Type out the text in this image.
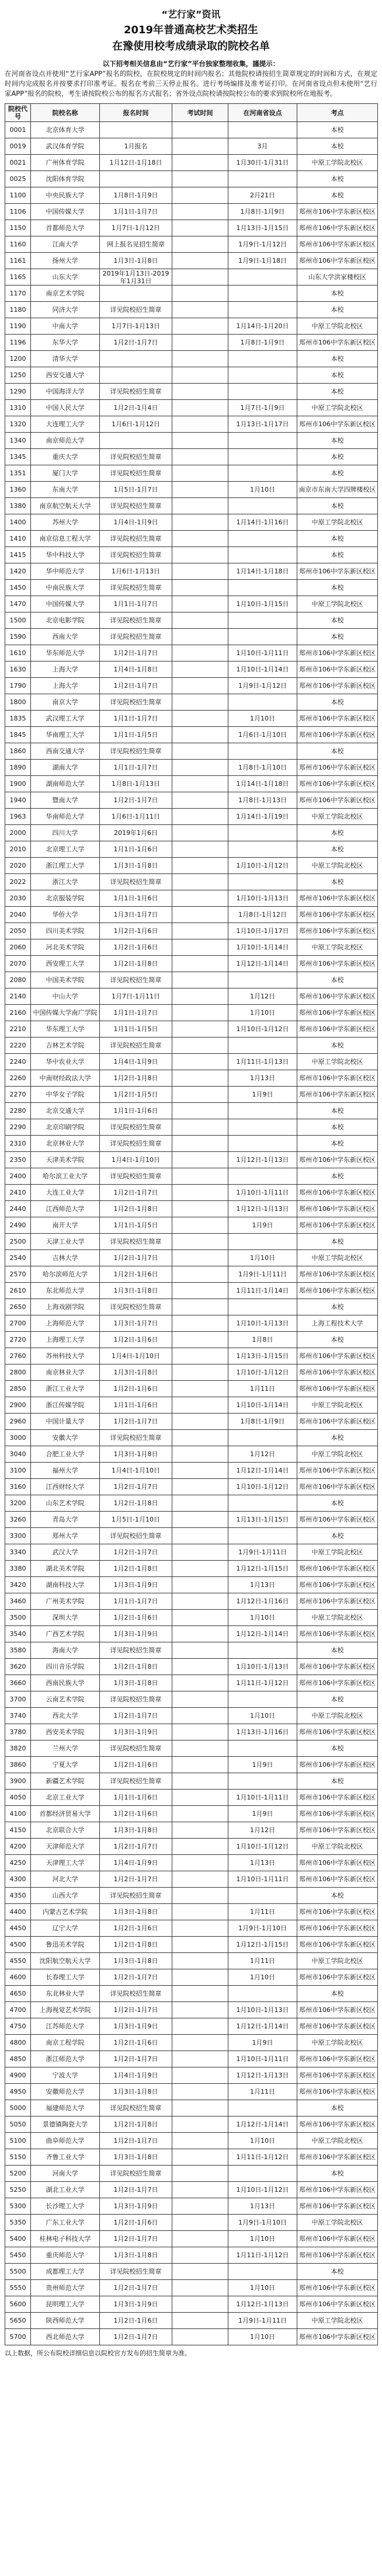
“艺行家”资讯
2019年普通高校艺术类招生
在豫使用校考成绩录取的院校名单
以下招考相关信息由“艺行家”平台独家整理收集，謹提示：
在河南省设点并使用“艺行家APP”报名的院校，在院校规定的时间内报名；其他院校请按招生简章规定的时间和方式，在规定时间内完成报名并按要求打印准考证。报名在考前三天停止报名。进行考场编排及准考证打印。在河南省设点但未使用“艺行家APP”报名的院校，考生请按院校公布的报名方式报名；省外设点院校请按院校公布的要求到院校所在地报考。
院校代号	院校名称	报名时间	考试时间	在河南省设点	考点
0001	北京体育大学				本校
0019	武汉体育学院	1月报名		3月	本校
0021	广州体育学院	1月12日-1月18日		1月30日-1月31日	中原工学院北校区
0025	沈阳体育学院				本校
1100	中央民族大学	1月8日-1月9日		2月21日	本校
1106	中国传媒大学	1月1日-1月7日		1月8日-1月9日	郑州市106中学东新区校区
1150	首都师范大学	1月7日-1月12日		1月13日-1月15日	郑州市106中学东新区校区
1160	江南大学	网上报名见招生简章		1月9日-1月12日	郑州市106中学东新区校区
1161	扬州大学	1月3日-1月8日		1月9日-1月18日	郑州市106中学东新区校区
1165	山东大学	2019年1月13日-2019年1月31日			山东大学洪家楼校区
1170	南京艺术学院				本校
1180	同济大学	详见院校招生简章			本校
1190	中南大学	1月7日-1月13日		1月14日-1月20日	中原工学院北校区
1196	东华大学	1月2日-1月7日		1月8日-1月9日	郑州市106中学东新区校区
1200	清华大学				本校
1250	西安交通大学				本校
1290	中国海洋大学	详见院校招生简章			本校
1310	中国人民大学	1月2日-1月4日		1月7日-1月9日	中原工学院北校区
1320	大连理工大学	1月6日-1月12日		1月13日-1月17日	郑州市106中学东新区校区
1340	南京师范大学				本校
1345	重庆大学	详见院校招生简章			本校
1351	厦门大学	详见院校招生简章			本校
1360	东南大学	1月5日-1月7日		1月10日	南京市东南大学四牌楼校区
1380	南京航空航天大学	详见院校招生简章			本校
1400	苏州大学	1月4日-1月9日		1月14日-1月16日	中原工学院北校区
1410	南京信息工程大学	详见院校招生简章			本校
1415	华中科技大学	详见院校招生简章			本校
1420	华中师范大学	1月6日-1月13日		1月14日-1月18日	郑州市106中学东新区校区
1450	中南民族大学	详见院校招生简章			本校
1470	中国传媒大学	1月1日-1月7日		1月10日-1月15日	中原工学院北校区
1500	北京电影学院	详见院校招生简章			本校
1590	西南大学	详见院校招生简章			本校
1610	华东师范大学	1月2日-1月7日		1月10日-1月11日	郑州市106中学东新区校区
1630	上海大学	1月4日-1月8日		1月10日-1月14日	郑州市106中学东新区校区
1790	上海大学	1月2日-1月7日		1月9日-1月12日	郑州市106中学东新区校区
1800	南京大学	详见院校招生简章			本校
1835	武汉理工大学	1月1日-1月7日		1月10日	郑州市106中学东新区校区
1845	华南理工大学	1月1日-1月5日		1月6日-1月10日	郑州市106中学东新区校区
1860	西南交通大学	详见院校招生简章			本校
1890	湖南大学	1月1日-1月7日		1月8日-1月10日	郑州市106中学东新区校区
1900	湖南师范大学	1月8日-1月13日		1月14日-1月18日	郑州市106中学东新区校区
1940	暨南大学	1月2日-1月7日		1月8日-1月13日	郑州市106中学东新区校区
1963	华南师范大学	1月6日-1月11日		1月14日-1月19日	中原工学院北校区
2000	四川大学	2019年1月6日			本校
2010	北京理工大学	1月1日-1月6日			本校
2020	浙江理工大学	1月3日-1月8日		1月10日-1月12日	中原工学院北校区
2022	浙江大学	详见院校招生简章			本校
2030	北京服装学院	1月1日-1月6日		1月10日-1月13日	郑州市106中学东新区校区
2040	华侨大学	1月3日-1月7日		1月8日-1月12日	郑州市106中学东新区校区
2050	四川美术学院	1月2日-1月6日		1月10日-1月17日	郑州市106中学东新区校区
2060	河北美术学院	1月2日-1月6日		1月10日-1月14日	中原工学院北校区
2070	西安理工大学	1月2日-1月8日		1月12日-1月14日	郑州市106中学东新区校区
2080	中国美术学院	详见院校招生简章			本校
2140	中山大学	1月7日-1月11日		1月12日	郑州市106中学东新区校区
2160	中国传媒大学南广学院	1月1日-1月7日		1月10日	郑州市106中学东新区校区
2210	华东理工大学	1月1日-1月5日		1月10日-1月12日	郑州市106中学东新区校区
2220	吉林艺术学院	详见院校招生简章			本校
2240	华中农业大学	1月4日-1月9日		1月11日-1月13日	中原工学院北校区
2260	中南财经政法大学	1月2日-1月8日		1月13日	郑州市106中学东新区校区
2270	中华女子学院	1月2日-1月5日		1月9日	郑州市106中学东新区校区
2280	北京交通大学	1月1日-1月6日			本校
2290	北京印刷学院	详见院校招生简章			本校
2310	北京林业大学	详见院校招生简章			本校
2350	天津美术学院	1月4日-1月10日		1月12日-1月13日	郑州市106中学东新区校区
2400	哈尔滨工业大学	详见院校招生简章			本校
2410	大连工业大学	1月2日-1月7日		1月10日-1月11日	郑州市106中学东新区校区
2440	江西师范大学	1月2日-1月8日		1月12日-1月13日	郑州市106中学东新区校区
2490	南开大学	1月1日-1月5日		1月9日	郑州市106中学东新区校区
2500	天津工业大学	详见院校招生简章			本校
2540	吉林大学	1月2日-1月7日		1月10日	中原工学院北校区
2570	哈尔滨师范大学	1月2日-1月6日		1月9日-1月11日	郑州市106中学东新区校区
2610	东北师范大学	1月3日-1月8日		1月11日-1月14日	郑州市106中学东新区校区
2650	上海戏剧学院	详见院校招生简章			本校
2700	上海师范大学	1月3日-1月7日		1月10日-1月13日	上海工程技术大学
2720	上海理工大学	1月2日-1月6日		1月8日	本校
2760	苏州科技大学	1月4日-1月10日		1月13日-1月15日	郑州市106中学东新区校区
2800	南京林业大学	1月3日-1月8日		1月10日-1月12日	郑州市106中学东新区校区
2850	浙江工业大学	1月2日-1月6日		1月11日	郑州市106中学东新区校区
2900	浙江传媒学院	1月1日-1月6日		1月10日-1月14日	中原工学院北校区
2960	中国计量大学	1月2日-1月7日		1月8日-1月9日	郑州市106中学东新区校区
3000	安徽大学	详见院校招生简章			本校
3040	合肥工业大学	1月3日-1月8日		1月12日	中原工学院北校区
3100	福州大学	1月4日-1月10日		1月12日-1月14日	郑州市106中学东新区校区
3160	江西财经大学	1月2日-1月7日		1月10日-1月12日	郑州市106中学东新区校区
3200	山东艺术学院	1月2日-1月8日			本校
3260	青岛大学	1月5日-1月10日		1月13日-1月15日	郑州市106中学东新区校区
3300	郑州大学	详见院校招生简章			本校
3340	武汉大学	1月2日-1月7日		1月9日-1月11日	中原工学院北校区
3380	湖北美术学院	1月2日-1月8日		1月12日-1月15日	郑州市106中学东新区校区
3420	湖南科技大学	1月3日-1月9日		1月13日	郑州市106中学东新区校区
3460	广州美术学院	1月1日-1月7日		1月12日-1月16日	郑州市106中学东新区校区
3500	深圳大学	1月2日-1月6日		1月10日	中原工学院北校区
3540	广西艺术学院	1月3日-1月9日		1月12日-1月14日	郑州市106中学东新区校区
3580	海南大学	详见院校招生简章			本校
3620	四川音乐学院	1月2日-1月8日		1月10日-1月13日	郑州市106中学东新区校区
3660	西南民族大学	1月3日-1月8日		1月11日-1月12日	郑州市106中学东新区校区
3700	云南艺术学院	详见院校招生简章			本校
3740	西北大学	1月2日-1月7日		1月10日	中原工学院北校区
3780	西安美术学院	1月3日-1月9日		1月13日-1月16日	郑州市106中学东新区校区
3820	兰州大学	详见院校招生简章			本校
3860	宁夏大学	1月2日-1月6日		1月9日	郑州市106中学东新区校区
3900	新疆艺术学院	详见院校招生简章			本校
4050	北京工业大学	1月1日-1月6日		1月10日-1月11日	郑州市106中学东新区校区
4100	首都经济贸易大学	1月2日-1月6日		1月9日	郑州市106中学东新区校区
4150	北京联合大学	1月3日-1月8日		1月12日	郑州市106中学东新区校区
4200	天津师范大学	1月2日-1月7日		1月10日-1月12日	中原工学院北校区
4250	天津理工大学	1月4日-1月9日		1月13日	郑州市106中学东新区校区
4300	河北大学	1月2日-1月7日		1月10日-1月11日	郑州市106中学东新区校区
4350	山西大学	详见院校招生简章			本校
4400	内蒙古艺术学院	1月3日-1月8日		1月11日	郑州市106中学东新区校区
4450	辽宁大学	1月2日-1月6日		1月9日-1月10日	郑州市106中学东新区校区
4500	鲁迅美术学院	1月2日-1月8日		1月12日-1月15日	郑州市106中学东新区校区
4550	沈阳航空航天大学	1月3日-1月8日		1月11日	中原工学院北校区
4600	长春理工大学	1月2日-1月7日		1月10日	郑州市106中学东新区校区
4650	东北林业大学	详见院校招生简章			本校
4700	上海视觉艺术学院	1月2日-1月7日		1月10日-1月13日	郑州市106中学东新区校区
4750	江苏师范大学	1月3日-1月9日		1月12日-1月14日	郑州市106中学东新区校区
4800	南京工程学院	1月2日-1月6日		1月9日	中原工学院北校区
4850	浙江师范大学	1月2日-1月7日		1月10日-1月11日	郑州市106中学东新区校区
4900	宁波大学	1月4日-1月9日		1月12日-1月13日	郑州市106中学东新区校区
4950	安徽师范大学	1月3日-1月8日		1月11日	郑州市106中学东新区校区
5000	福建师范大学	详见院校招生简章			本校
5050	景德镇陶瓷大学	1月2日-1月8日		1月12日-1月14日	郑州市106中学东新区校区
5100	曲阜师范大学	1月2日-1月7日		1月10日	中原工学院北校区
5150	齐鲁工业大学	1月3日-1月8日		1月11日-1月12日	郑州市106中学东新区校区
5200	河南大学	详见院校招生简章			本校
5250	湖北工业大学	1月2日-1月7日		1月10日-1月12日	郑州市106中学东新区校区
5300	长沙理工大学	1月3日-1月9日		1月13日	郑州市106中学东新区校区
5350	广东工业大学	1月2日-1月6日		1月9日-1月10日	中原工学院北校区
5400	桂林电子科技大学	1月2日-1月7日		1月10日	郑州市106中学东新区校区
5450	重庆师范大学	1月3日-1月8日		1月11日-1月12日	郑州市106中学东新区校区
5500	成都理工大学	详见院校招生简章			本校
5550	贵州师范大学	1月2日-1月7日		1月10日	郑州市106中学东新区校区
5600	昆明理工大学	1月3日-1月9日		1月12日-1月13日	郑州市106中学东新区校区
5650	陕西师范大学	1月2日-1月6日		1月9日-1月11日	中原工学院北校区
5700	西北师范大学	1月2日-1月7日		1月10日	郑州市106中学东新区校区
以上数据，所公布院校详细信息以院校官方发布的招生简章为准。
